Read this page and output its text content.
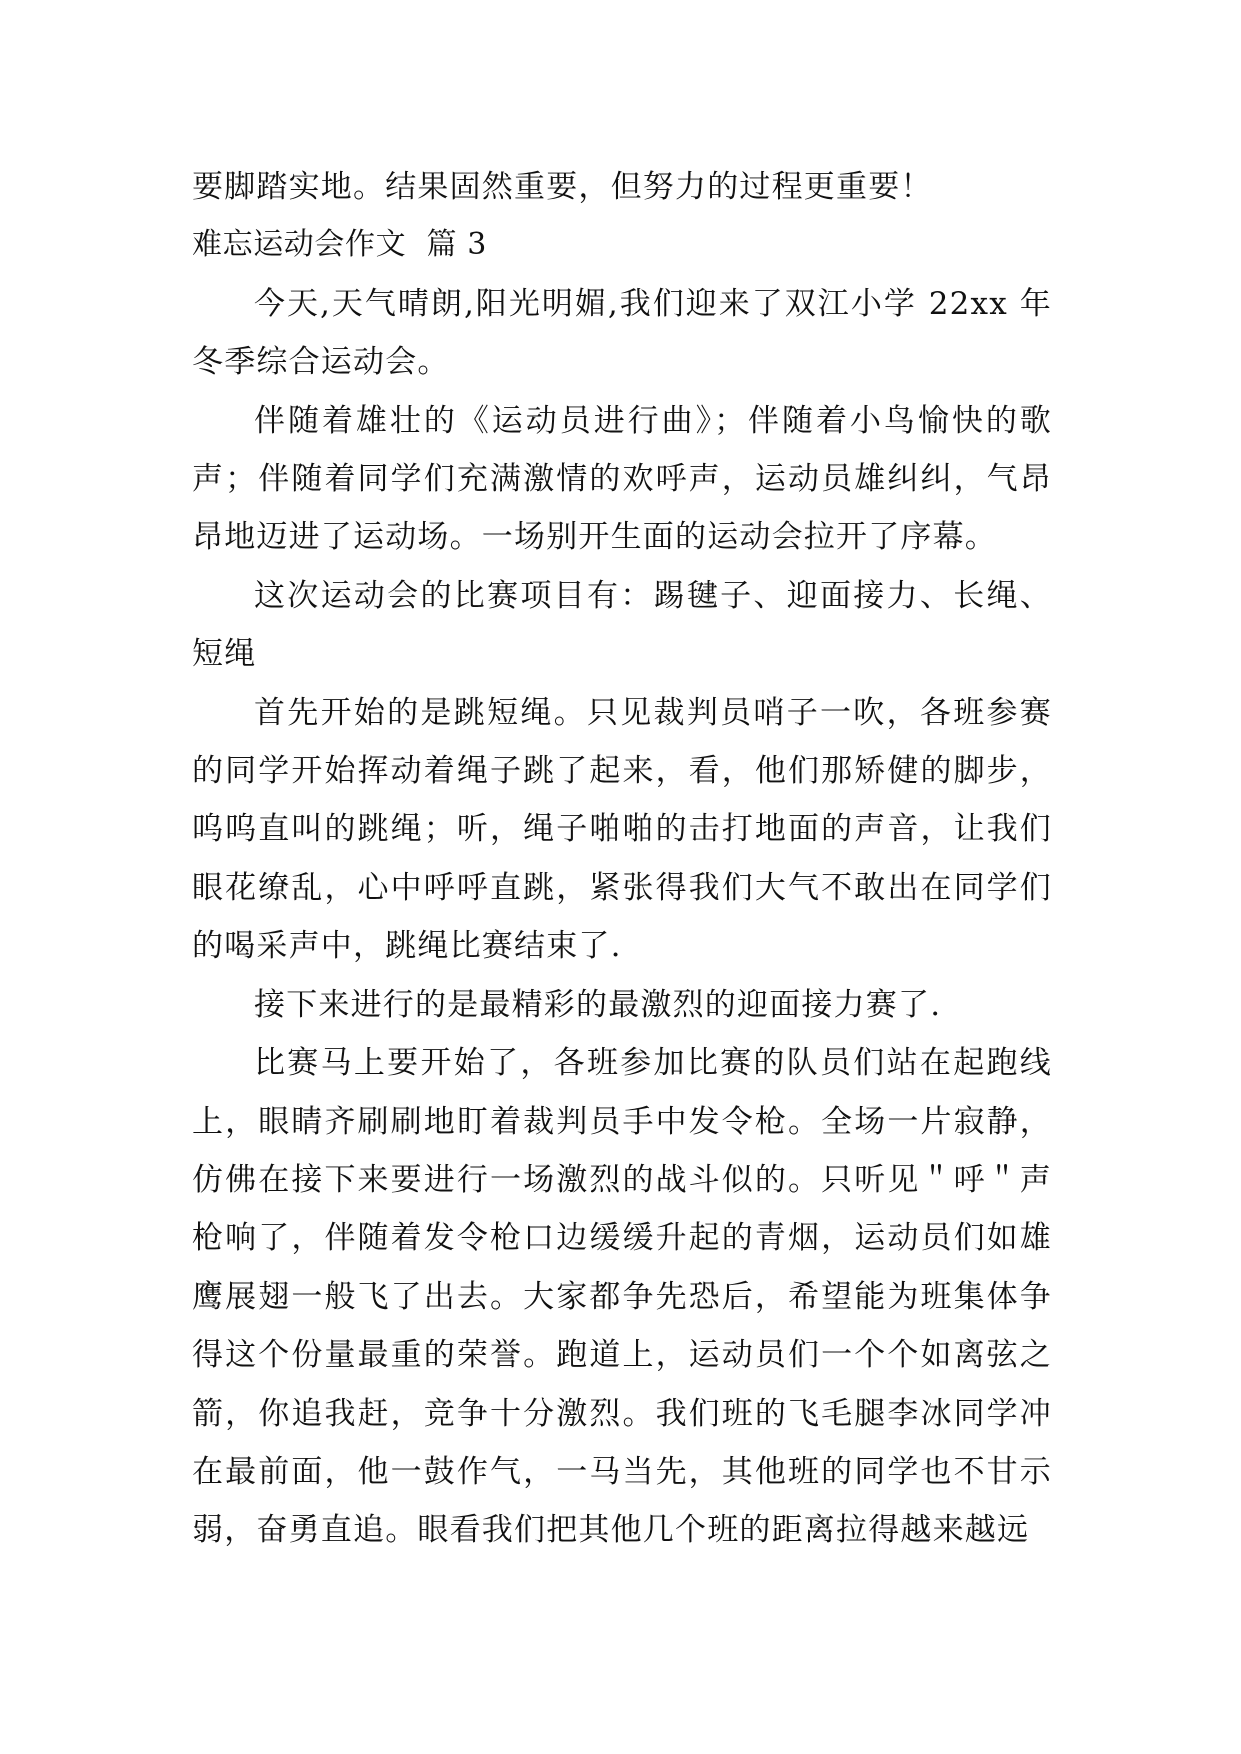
要脚踏实地。结果固然重要，但努力的过程更重要！

难忘运动会作文  篇 3

今天,天气晴朗,阳光明媚,我们迎来了双江小学 22xx 年冬季综合运动会。

伴随着雄壮的《运动员进行曲》；伴随着小鸟愉快的歌声；伴随着同学们充满激情的欢呼声，运动员雄纠纠，气昂昂地迈进了运动场。一场别开生面的运动会拉开了序幕。

这次运动会的比赛项目有：踢毽子、迎面接力、长绳、短绳

首先开始的是跳短绳。只见裁判员哨子一吹，各班参赛的同学开始挥动着绳子跳了起来，看，他们那矫健的脚步，呜呜直叫的跳绳；听，绳子啪啪的击打地面的声音，让我们眼花缭乱，心中呼呼直跳，紧张得我们大气不敢出在同学们的喝采声中，跳绳比赛结束了.

接下来进行的是最精彩的最激烈的迎面接力赛了.

比赛马上要开始了，各班参加比赛的队员们站在起跑线上，眼睛齐刷刷地盯着裁判员手中发令枪。全场一片寂静，仿佛在接下来要进行一场激烈的战斗似的。只听见＂呼＂声枪响了，伴随着发令枪口边缓缓升起的青烟，运动员们如雄鹰展翅一般飞了出去。大家都争先恐后，希望能为班集体争得这个份量最重的荣誉。跑道上，运动员们一个个如离弦之箭，你追我赶，竞争十分激烈。我们班的飞毛腿李冰同学冲在最前面，他一鼓作气，一马当先，其他班的同学也不甘示弱，奋勇直追。眼看我们把其他几个班的距离拉得越来越远
